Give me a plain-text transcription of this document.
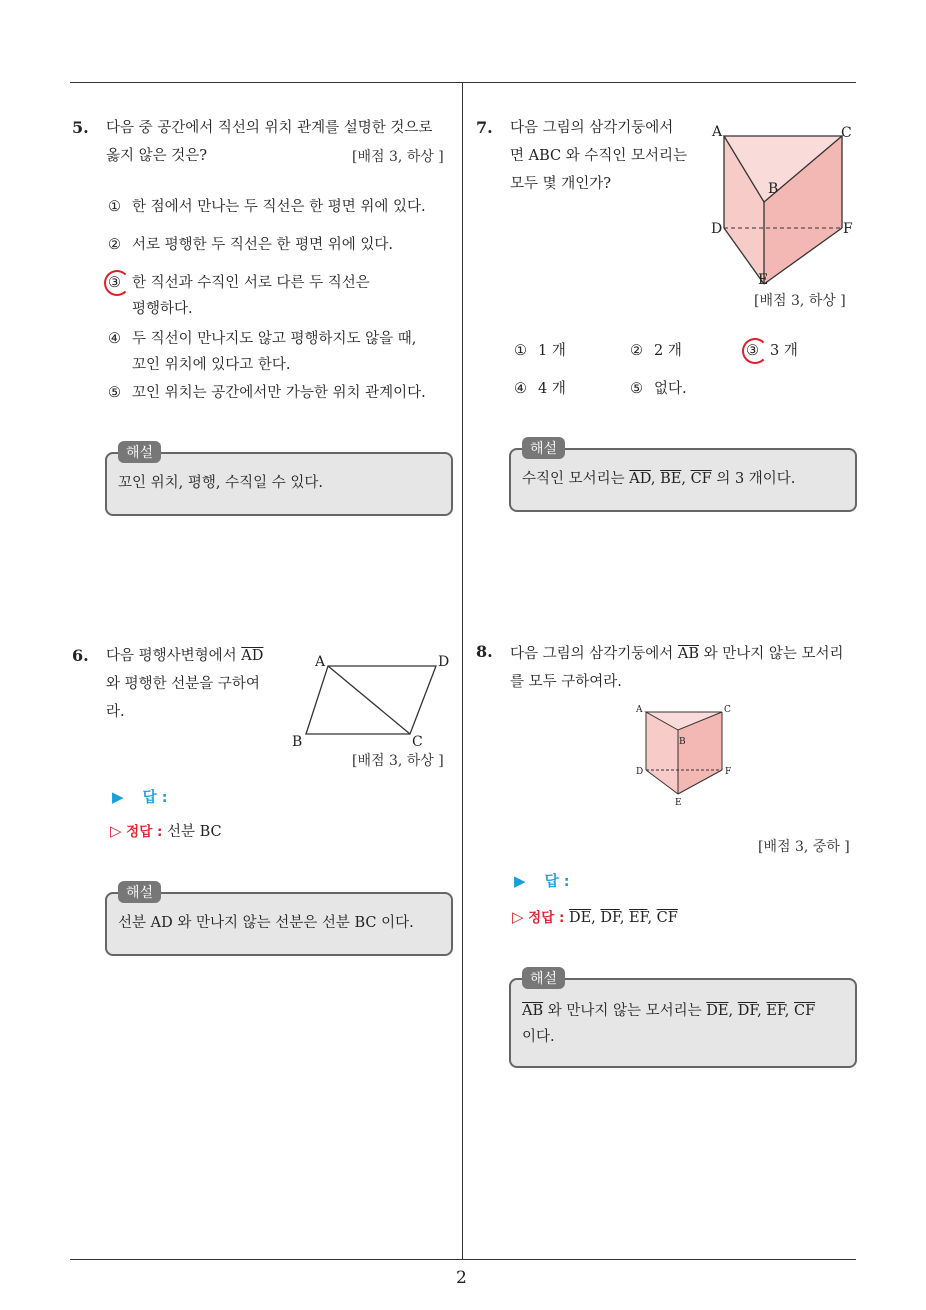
2
5. 다음 중 공간에서 직선의 위치 관계를 설명한 것으로
옳지 않은 것은?	[배점 3, 하상 ]
① 한 점에서 만나는 두 직선은 한 평면 위에 있다.
② 서로 평행한 두 직선은 한 평면 위에 있다.
③ 한 직선과 수직인 서로 다른 두 직선은
평행하다.
④ 두 직선이 만나지도 않고 평행하지도 않을 때,
꼬인 위치에 있다고 한다.
⑤ 꼬인 위치는 공간에서만 가능한 위치 관계이다.
해설
꼬인 위치, 평행, 수직일 수 있다.
7. 다음 그림의 삼각기둥에서
면 ABC 와 수직인 모서리는
모두 몇 개인가?
A	C
B
D	F
E
[배점 3, 하상 ]
① 1 개	② 2 개	③ 3 개
④ 4 개	⑤ 없다.
해설
수직인 모서리는 $\overline{AD}$, $\overline{BE}$, $\overline{CF}$ 의 3 개이다.
6. 다음 평행사변형에서 $\overline{AD}$
와 평행한 선분을 구하여
라.
A	D
B	C
[배점 3, 하상 ]
▶ 답 :
▷ 정답 : 선분 BC
해설
선분 AD 와 만나지 않는 선분은 선분 BC 이다.
8. 다음 그림의 삼각기둥에서 $\overline{AB}$ 와 만나지 않는 모서리
를 모두 구하여라.
A	C
B
D	F
E
[배점 3, 중하 ]
▶ 답 :
▷ 정답 : $\overline{DE}$, $\overline{DF}$, $\overline{EF}$, $\overline{CF}$
해설
$\overline{AB}$ 와 만나지 않는 모서리는 $\overline{DE}$, $\overline{DF}$, $\overline{EF}$, $\overline{CF}$
이다.
